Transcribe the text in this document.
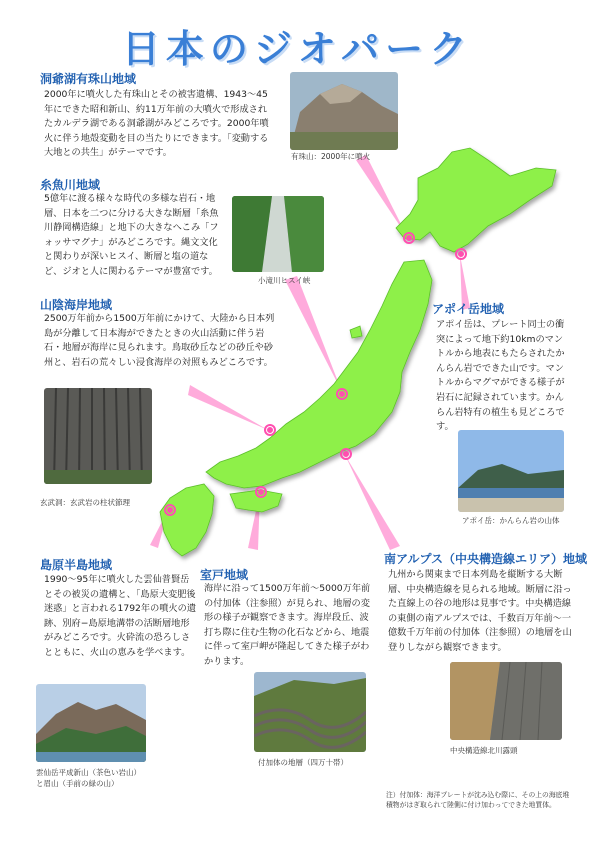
日本のジオパーク
洞爺湖有珠山地域
2000年に噴火した有珠山とその被害遺構、1943〜45年にできた昭和新山、約11万年前の大噴火で形成されたカルデラ湖である洞爺湖がみどころです。2000年噴火に伴う地殻変動を目の当たりにできます。「変動する大地との共生」がテーマです。	有珠山：2000年に噴火
糸魚川地域
5億年に渡る様々な時代の多様な岩石・地層、日本を二つに分ける大きな断層「糸魚川静岡構造線」と地下の大きなへこみ「フォッサマグナ」がみどころです。縄文文化と関わりが深いヒスイ、断層と塩の道など、ジオと人に関わるテーマが豊富です。
小滝川ヒスイ峡
山陰海岸地域
2500万年前から1500万年前にかけて、大陸から日本列島が分離して日本海ができたときの火山活動に伴う岩石・地層が海岸に見られます。鳥取砂丘などの砂丘や砂州と、岩石の荒々しい浸食海岸の対照もみどころです。
玄武洞：玄武岩の柱状節理
アポイ岳地域
アポイ岳は、プレート同士の衝突によって地下約10kmのマントルから地表にもたらされたかんらん岩でできた山です。マントルからマグマができる様子が岩石に記録されています。かんらん岩特有の植生も見どころです。
アポイ岳：かんらん岩の山体
島原半島地域
1990〜95年に噴火した雲仙普賢岳とその被災の遺構と、「島原大変肥後迷惑」と言われる1792年の噴火の遺跡、別府−島原地溝帯の活断層地形がみどころです。火砕流の恐ろしさとともに、火山の恵みを学べます。
雲仙岳平成新山（茶色い岩山）
と眉山（手前の緑の山）
室戸地域
海岸に沿って1500万年前〜5000万年前の付加体（注参照）が見られ、地層の変形の様子が観察できます。海岸段丘、波打ち際に住む生物の化石などから、地震に伴って室戸岬が隆起してきた様子がわかります。
付加体の地層（四万十帯）
南アルプス（中央構造線エリア）地域
九州から関東まで日本列島を縦断する大断層、中央構造線を見られる地域。断層に沿った直線上の谷の地形は見事です。中央構造線の東側の南アルプスでは、千数百万年前〜一億数千万年前の付加体（注参照）の地層を山登りしながら観察できます。
中央構造線北川露頭
注）付加体：海洋プレートが沈み込む際に、その上の海底堆積物がはぎ取られて陸側に付け加わってできた地質体。
